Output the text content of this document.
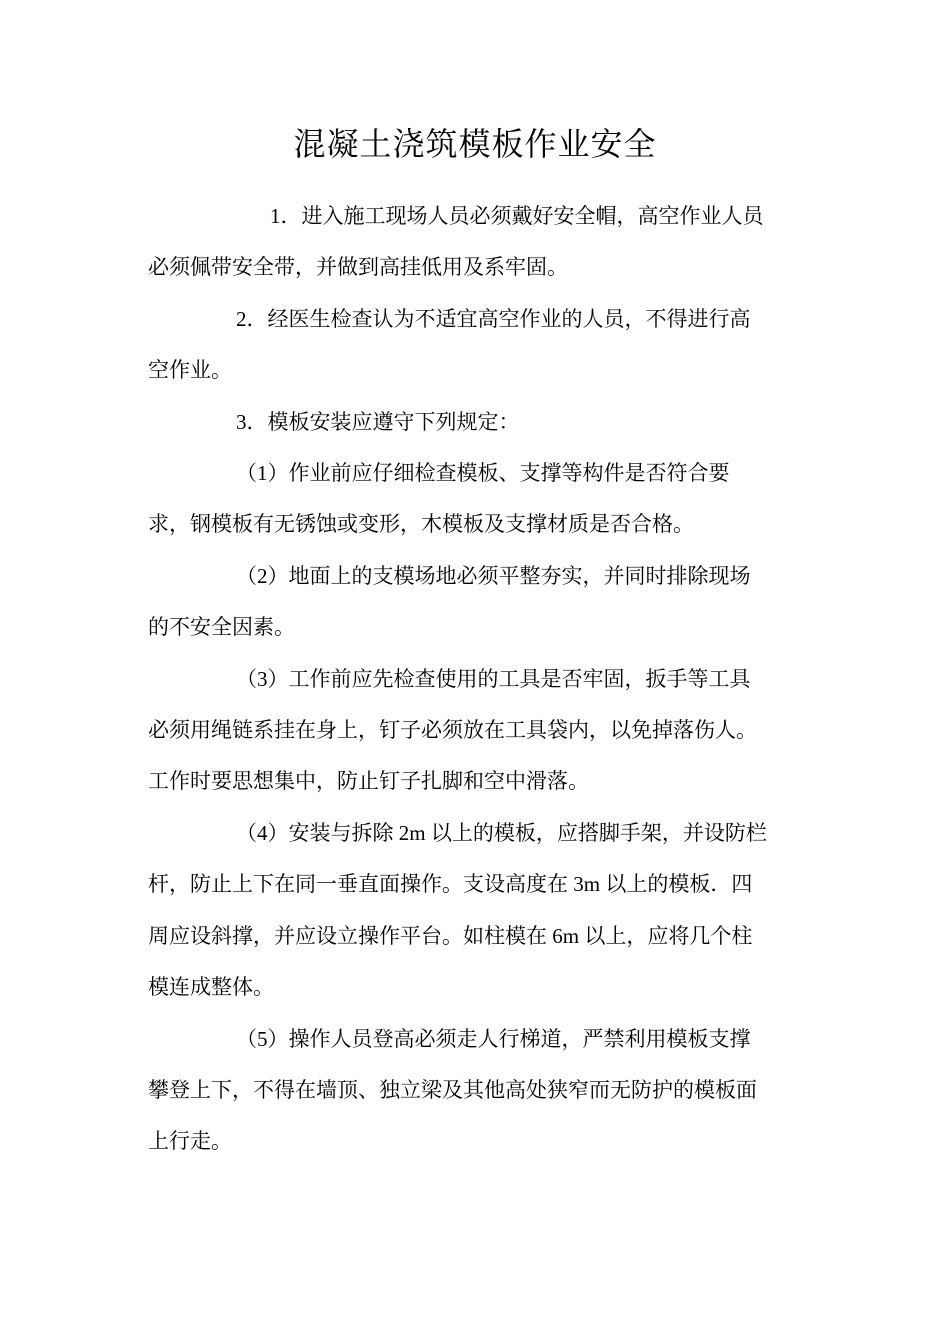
混凝土浇筑模板作业安全
1．进入施工现场人员必须戴好安全帽，高空作业人员
必须佩带安全带，并做到高挂低用及系牢固。
2．经医生检查认为不适宜高空作业的人员，不得进行高
空作业。
3．模板安装应遵守下列规定：
（1）作业前应仔细检查模板、支撑等构件是否符合要
求，钢模板有无锈蚀或变形，木模板及支撑材质是否合格。
（2）地面上的支模场地必须平整夯实，并同时排除现场
的不安全因素。
（3）工作前应先检查使用的工具是否牢固，扳手等工具
必须用绳链系挂在身上，钉子必须放在工具袋内，以免掉落伤人。
工作时要思想集中，防止钉子扎脚和空中滑落。
（4）安装与拆除 2m 以上的模板，应搭脚手架，并设防栏
杆，防止上下在同一垂直面操作。支设高度在 3m 以上的模板．四
周应设斜撑，并应设立操作平台。如柱模在 6m 以上，应将几个柱
模连成整体。
（5）操作人员登高必须走人行梯道，严禁利用模板支撑
攀登上下，不得在墙顶、独立梁及其他高处狭窄而无防护的模板面
上行走。
